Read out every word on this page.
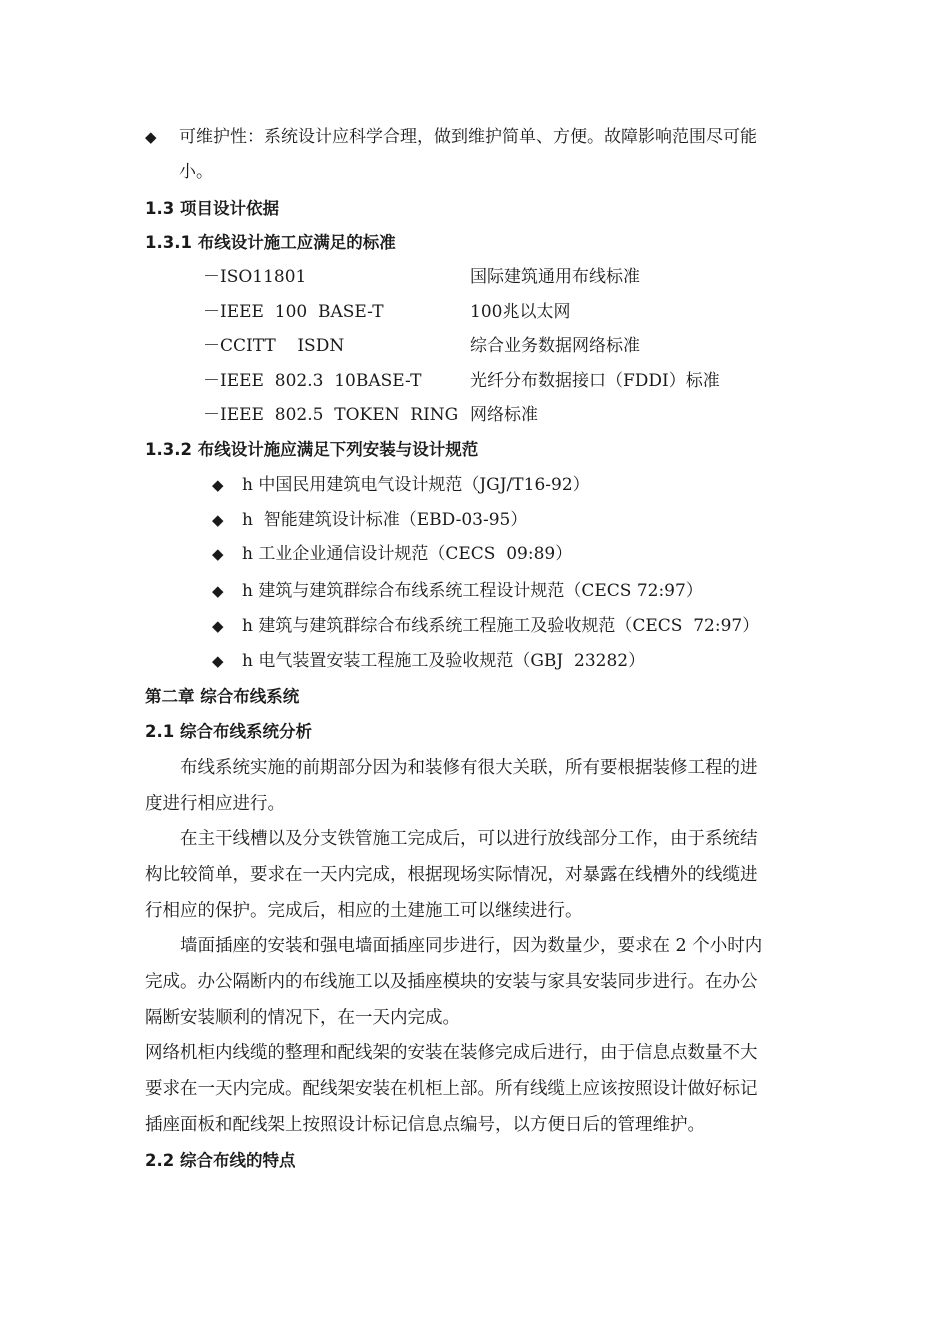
◆ 可维护性：系统设计应科学合理，做到维护简单、方便。故障影响范围尽可能
小。
1.3 项目设计依据
1.3.1 布线设计施工应满足的标准
－ISO11801	国际建筑通用布线标准
－IEEE  100  BASE-T	100兆以太网
－CCITT    ISDN	综合业务数据网络标准
－IEEE  802.3  10BASE-T	光纤分布数据接口（FDDI）标准
－IEEE  802.5  TOKEN  RING 网络标准
1.3.2 布线设计施应满足下列安装与设计规范
◆ h 中国民用建筑电气设计规范（JGJ/T16-92）
◆ h  智能建筑设计标准（EBD-03-95）
◆ h 工业企业通信设计规范（CECS  09:89）
◆ h 建筑与建筑群综合布线系统工程设计规范（CECS 72:97）
◆ h 建筑与建筑群综合布线系统工程施工及验收规范（CECS  72:97）
◆ h 电气装置安装工程施工及验收规范（GBJ  23282）
第二章 综合布线系统
2.1 综合布线系统分析
　　布线系统实施的前期部分因为和装修有很大关联，所有要根据装修工程的进
度进行相应进行。
　　在主干线槽以及分支铁管施工完成后，可以进行放线部分工作，由于系统结
构比较简单，要求在一天内完成，根据现场实际情况，对暴露在线槽外的线缆进
行相应的保护。完成后，相应的土建施工可以继续进行。
　　墙面插座的安装和强电墙面插座同步进行，因为数量少，要求在 2 个小时内
完成。办公隔断内的布线施工以及插座模块的安装与家具安装同步进行。在办公
隔断安装顺利的情况下，在一天内完成。
网络机柜内线缆的整理和配线架的安装在装修完成后进行，由于信息点数量不大
要求在一天内完成。配线架安装在机柜上部。所有线缆上应该按照设计做好标记
插座面板和配线架上按照设计标记信息点编号，以方便日后的管理维护。
2.2 综合布线的特点
